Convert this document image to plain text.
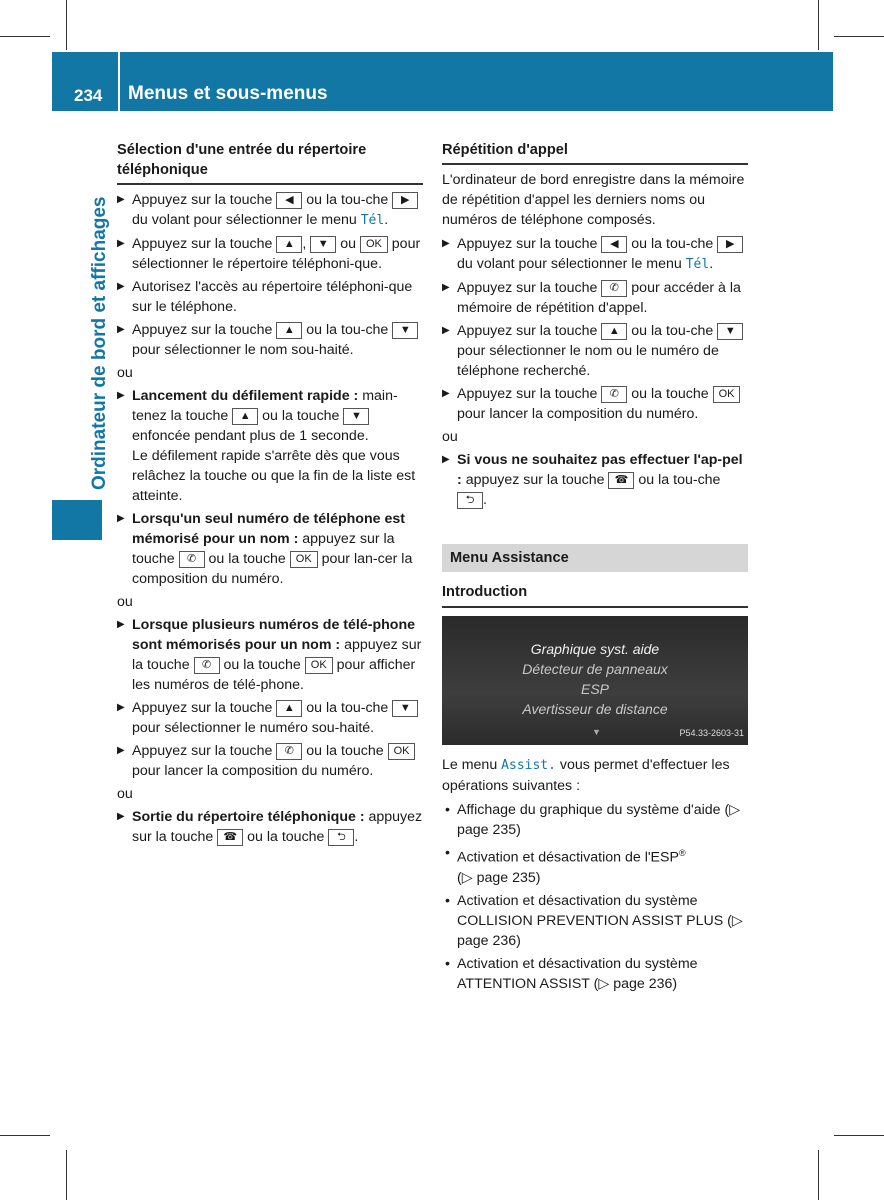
234 Menus et sous-menus
Ordinateur de bord et affichages
Sélection d'une entrée du répertoire téléphonique
▶ Appuyez sur la touche ◀ ou la tou-che ▶ du volant pour sélectionner le menu Tél.
▶ Appuyez sur la touche ▲ , ▼ ou OK pour sélectionner le répertoire téléphoni-que.
▶ Autorisez l'accès au répertoire téléphoni-que sur le téléphone.
▶ Appuyez sur la touche ▲ ou la tou-che ▼ pour sélectionner le nom sou-haité.
ou
▶ Lancement du défilement rapide : main-tenez la touche ▲ ou la touche ▼ enfoncée pendant plus de 1 seconde.
Le défilement rapide s'arrête dès que vous relâchez la touche ou que la fin de la liste est atteinte.
▶ Lorsqu'un seul numéro de téléphone est mémorisé pour un nom : appuyez sur la touche ✆ ou la touche OK pour lan-cer la composition du numéro.
ou
▶ Lorsque plusieurs numéros de télé-phone sont mémorisés pour un nom : appuyez sur la touche ✆ ou la touche OK pour afficher les numéros de télé-phone.
▶ Appuyez sur la touche ▲ ou la tou-che ▼ pour sélectionner le numéro sou-haité.
▶ Appuyez sur la touche ✆ ou la touche OK pour lancer la composition du numéro.
ou
▶ Sortie du répertoire téléphonique : appuyez sur la touche ☎ ou la touche ⮌ .
Répétition d'appel
L'ordinateur de bord enregistre dans la mémoire de répétition d'appel les derniers noms ou numéros de téléphone composés.
▶ Appuyez sur la touche ◀ ou la tou-che ▶ du volant pour sélectionner le menu Tél.
▶ Appuyez sur la touche ✆ pour accéder à la mémoire de répétition d'appel.
▶ Appuyez sur la touche ▲ ou la tou-che ▼ pour sélectionner le nom ou le numéro de téléphone recherché.
▶ Appuyez sur la touche ✆ ou la touche OK pour lancer la composition du numéro.
ou
▶ Si vous ne souhaitez pas effectuer l'ap-pel : appuyez sur la touche ☎ ou la tou-che ⮌ .
Menu Assistance
Introduction
Graphique syst. aide
Détecteur de panneaux
ESP
Avertisseur de distance
▼	P54.33-2603-31
Le menu Assist. vous permet d'effectuer les opérations suivantes :
• Affichage du graphique du système d'aide (▷ page 235)
• Activation et désactivation de l'ESP®
(▷ page 235)
• Activation et désactivation du système COLLISION PREVENTION ASSIST PLUS (▷ page 236)
• Activation et désactivation du système ATTENTION ASSIST (▷ page 236)
